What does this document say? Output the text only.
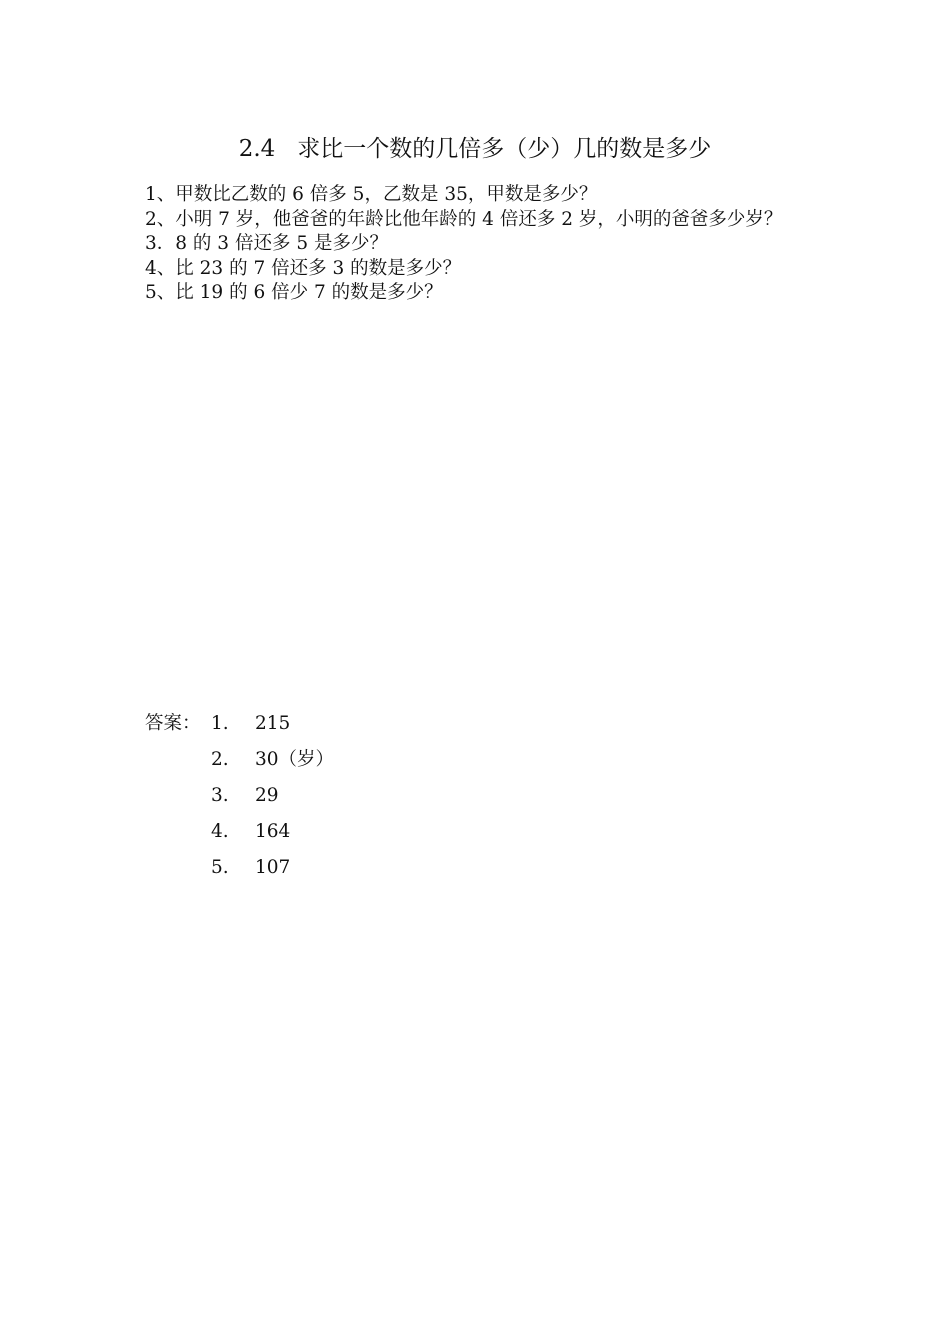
2.4 求比一个数的几倍多（少）几的数是多少

1、甲数比乙数的 6 倍多 5，乙数是 35，甲数是多少？

2、小明 7 岁，他爸爸的年龄比他年龄的 4 倍还多 2 岁，小明的爸爸多少岁？

3．8 的 3 倍还多 5 是多少？

4、比 23 的 7 倍还多 3 的数是多少？

5、比 19 的 6 倍少 7 的数是多少？

答案： 1.	215
2.	30（岁）
3.	29
4.	164
5.	107
